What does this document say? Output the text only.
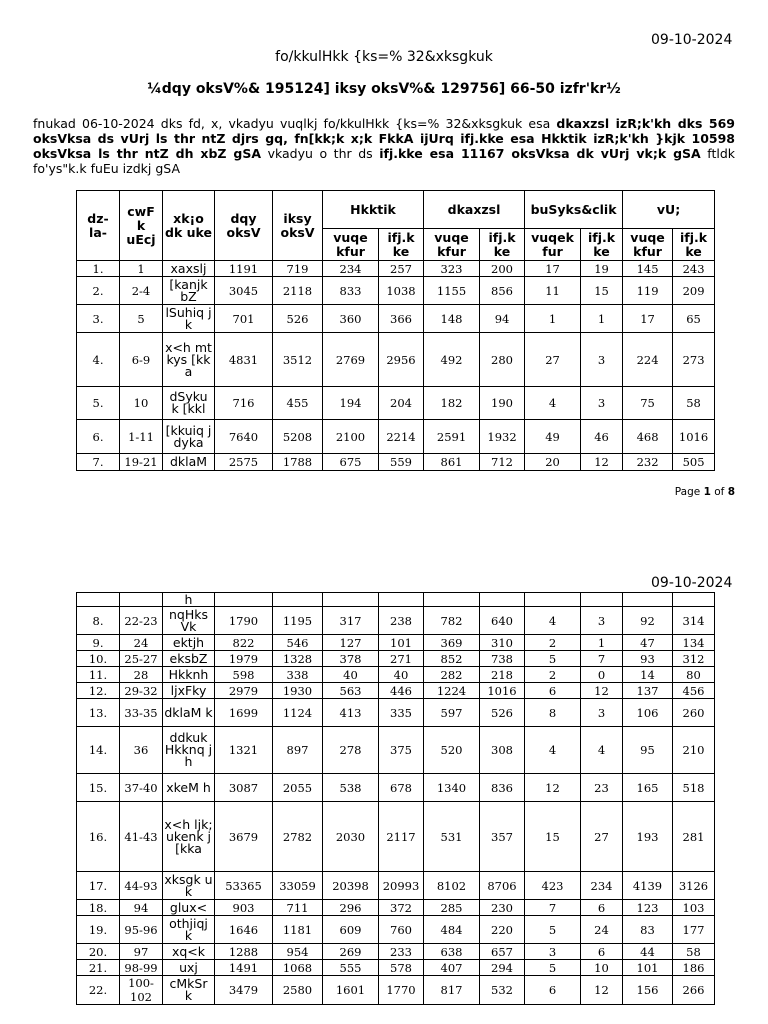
09-10-2024
fo/kkulHkk {ks=% 32&xksgkuk
¼dqy oksV%& 195124] iksy oksV%& 129756] 66-50 izfr'kr½
fnukad 06-10-2024 dks fd, x, vkadyu vuqlkj fo/kkulHkk {ks=% 32&xksgkuk esa dkaxzsl izR;k'kh dks 569 oksVksa ds vUrj ls thr ntZ djrs gq, fn[kk;k x;k FkkA ijUrq ifj.kke esa Hkktik izR;k'kh }kjk 10598 oksVksa ls thr ntZ dh xbZ gSA vkadyu o thr ds ifj.kke esa 11167 oksVksa dk vUrj vk;k gSA ftldk fo'ys"k.k fuEu izdkj gSA
dz- la-	cwF k uEcj	xk¡o dk uke	dqy oksV	iksy oksV	Hkktik		dkaxzsl		buSyks&clik		vU;	
					vuqe kfur	ifj.k ke	vuqe kfur	ifj.k ke	vuqek fur	ifj.k ke	vuqe kfur	ifj.k ke
1.	1	xaxslj	1191	719	234	257	323	200	17	19	145	243
2.	2-4	[kanjk bZ	3045	2118	833	1038	1155	856	11	15	119	209
3.	5	lSuhiq jk	701	526	360	366	148	94	1	1	17	65
4.	6-9	x<h mtkys [kka	4831	3512	2769	2956	492	280	27	3	224	273
5.	10	dSyku k [kkl	716	455	194	204	182	190	4	3	75	58
6.	1-11	[kkuiq j dyka	7640	5208	2100	2214	2591	1932	49	46	468	1016
7.	19-21	dklaM	2575	1788	675	559	861	712	20	12	232	505
Page 1 of 8
09-10-2024
		h										
8.	22-23	nqHks Vk	1790	1195	317	238	782	640	4	3	92	314
9.	24	ektjh	822	546	127	101	369	310	2	1	47	134
10.	25-27	eksbZ	1979	1328	378	271	852	738	5	7	93	312
11.	28	Hkknh	598	338	40	40	282	218	2	0	14	80
12.	29-32	ljxFky	2979	1930	563	446	1224	1016	6	12	137	456
13.	33-35	dklaM k	1699	1124	413	335	597	526	8	3	106	260
14.	36	ddkuk Hkknq jh	1321	897	278	375	520	308	4	4	95	210
15.	37-40	xkeM h	3087	2055	538	678	1340	836	12	23	165	518
16.	41-43	x<h ljk; ukenk j [kka	3679	2782	2030	2117	531	357	15	27	193	281
17.	44-93	xksgk uk	53365	33059	20398	20993	8102	8706	423	234	4139	3126
18.	94	glux<	903	711	296	372	285	230	7	6	123	103
19.	95-96	othjiqj k	1646	1181	609	760	484	220	5	24	83	177
20.	97	xq<k	1288	954	269	233	638	657	3	6	44	58
21.	98-99	uxj	1491	1068	555	578	407	294	5	10	101	186
22.	100-102	cMkSr k	3479	2580	1601	1770	817	532	6	12	156	266
